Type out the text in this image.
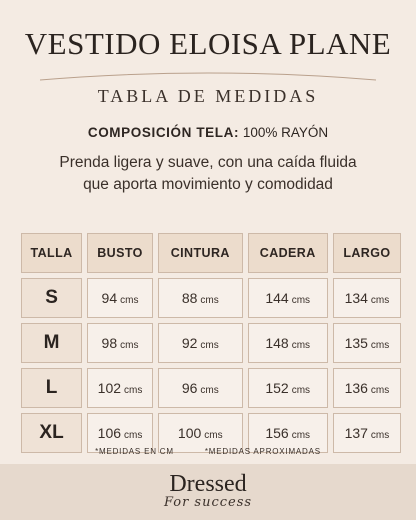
VESTIDO ELOISA PLANE
TABLA DE MEDIDAS
COMPOSICIÓN TELA: 100% RAYÓN
Prenda ligera y suave, con una caída fluida que aporta movimiento y comodidad
TALLA	BUSTO	CINTURA	CADERA	LARGO
S	94 cms	88 cms	144 cms	134 cms
M	98 cms	92 cms	148 cms	135 cms
L	102 cms	96 cms	152 cms	136 cms
XL	106 cms	100 cms	156 cms	137 cms
*MEDIDAS EN CM	*MEDIDAS APROXIMADAS
Dressed
For success
